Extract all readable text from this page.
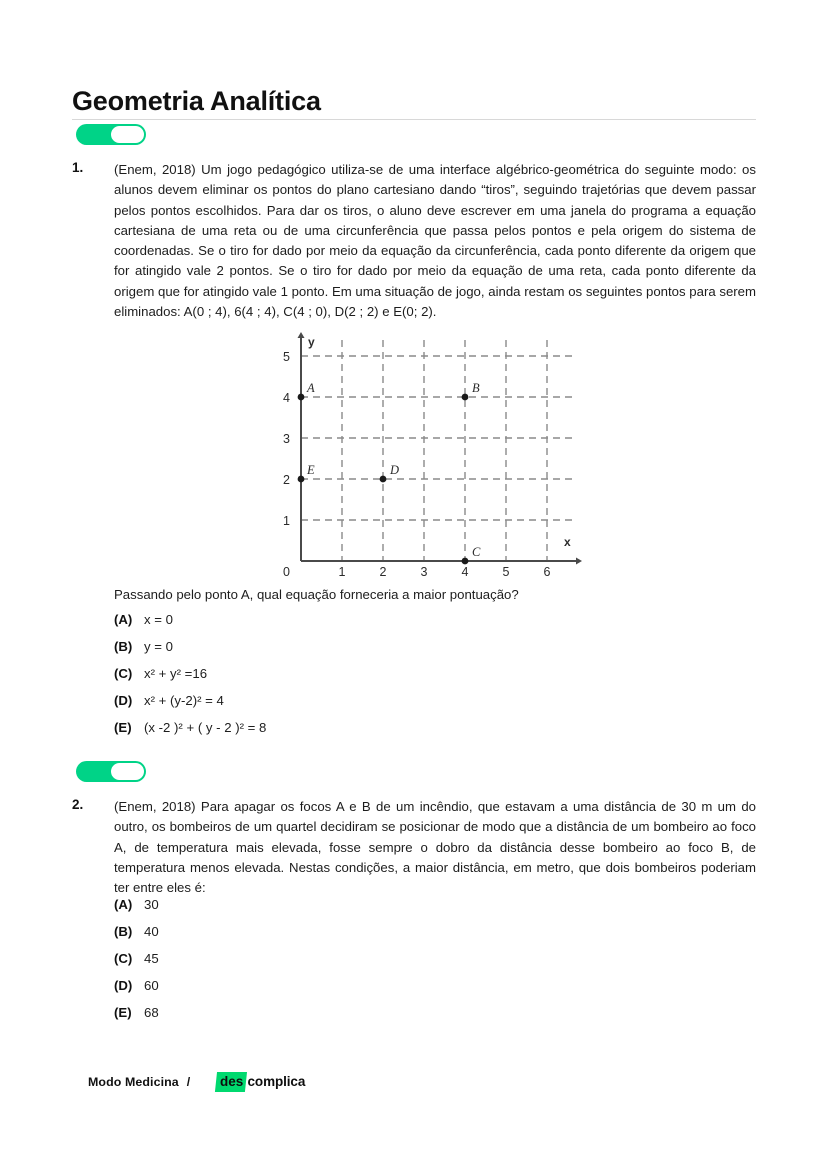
Geometria Analítica
1. (Enem, 2018) Um jogo pedagógico utiliza-se de uma interface algébrico-geométrica do seguinte modo: os alunos devem eliminar os pontos do plano cartesiano dando “tiros”, seguindo trajetórias que devem passar pelos pontos escolhidos. Para dar os tiros, o aluno deve escrever em uma janela do programa a equação cartesiana de uma reta ou de uma circunferência que passa pelos pontos e pela origem do sistema de coordenadas. Se o tiro for dado por meio da equação da circunferência, cada ponto diferente da origem que for atingido vale 2 pontos. Se o tiro for dado por meio da equação de uma reta, cada ponto diferente da origem que for atingido vale 1 ponto. Em uma situação de jogo, ainda restam os seguintes pontos para serem eliminados: A(0 ; 4), 6(4 ; 4), C(4 ; 0), D(2 ; 2) e E(0; 2).
x
y
5
4
3
2
1
0	1	2	3	4	5	6
A	B
C
D
E
Passando pelo ponto A, qual equação forneceria a maior pontuação?
(A) x = 0
(B) y = 0
(C) x² + y² =16
(D) x² + (y-2)² = 4
(E) (x -2 )² + ( y - 2 )² = 8
2. (Enem, 2018) Para apagar os focos A e B de um incêndio, que estavam a uma distância de 30 m um do outro, os bombeiros de um quartel decidiram se posicionar de modo que a distância de um bombeiro ao foco A, de temperatura mais elevada, fosse sempre o dobro da distância desse bombeiro ao foco B, de temperatura menos elevada. Nestas condições, a maior distância, em metro, que dois bombeiros poderiam ter entre eles é:
(A) 30
(B) 40
(C) 45
(D) 60
(E) 68
Modo Medicina /	des complica
